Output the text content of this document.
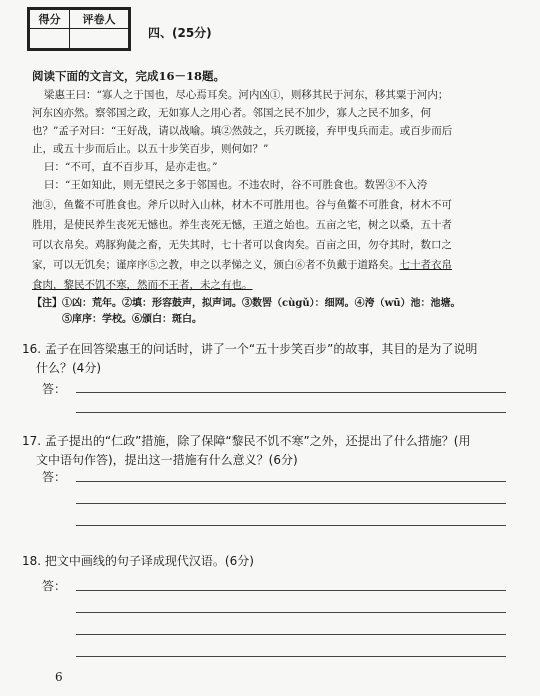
得分	评卷人

四、(25分)
阅读下面的文言文，完成16－18题。

梁惠王曰：“寡人之于国也，尽心焉耳矣。河内凶①，则移其民于河东，移其粟于河内；

河东凶亦然。察邻国之政，无如寡人之用心者。邻国之民不加少，寡人之民不加多，何

也？”孟子对曰：“王好战，请以战喻。填②然鼓之，兵刃既接，弃甲曳兵而走。或百步而后

止，或五十步而后止。以五十步笑百步，则何如？”

曰：“不可，直不百步耳，是亦走也。”

曰：“王如知此，则无望民之多于邻国也。不违农时，谷不可胜食也。数罟③不入洿

池③，鱼鳖不可胜食也。斧斤以时入山林，材木不可胜用也。谷与鱼鳖不可胜食，材木不可

胜用，是使民养生丧死无憾也。养生丧死无憾，王道之始也。五亩之宅，树之以桑，五十者

可以衣帛矣。鸡豚狗彘之畜，无失其时，七十者可以食肉矣。百亩之田，勿夺其时，数口之

家，可以无饥矣；谨庠序⑤之教，申之以孝悌之义，颁白⑥者不负戴于道路矣。七十者衣帛

食肉，黎民不饥不寒，然而不王者，未之有也。

【注】①凶：荒年。②填：形容鼓声，拟声词。③数罟（cùgǔ）：细网。④洿（wū）池：池塘。
⑤庠序：学校。⑥颁白：斑白。
16. 孟子在回答梁惠王的问话时，讲了一个“五十步笑百步”的故事，其目的是为了说明
什么？(4分)
答：
17. 孟子提出的“仁政”措施，除了保障“黎民不饥不寒”之外，还提出了什么措施？(用
文中语句作答)，提出这一措施有什么意义？(6分)
答：
18. 把文中画线的句子译成现代汉语。(6分)
答：
6
